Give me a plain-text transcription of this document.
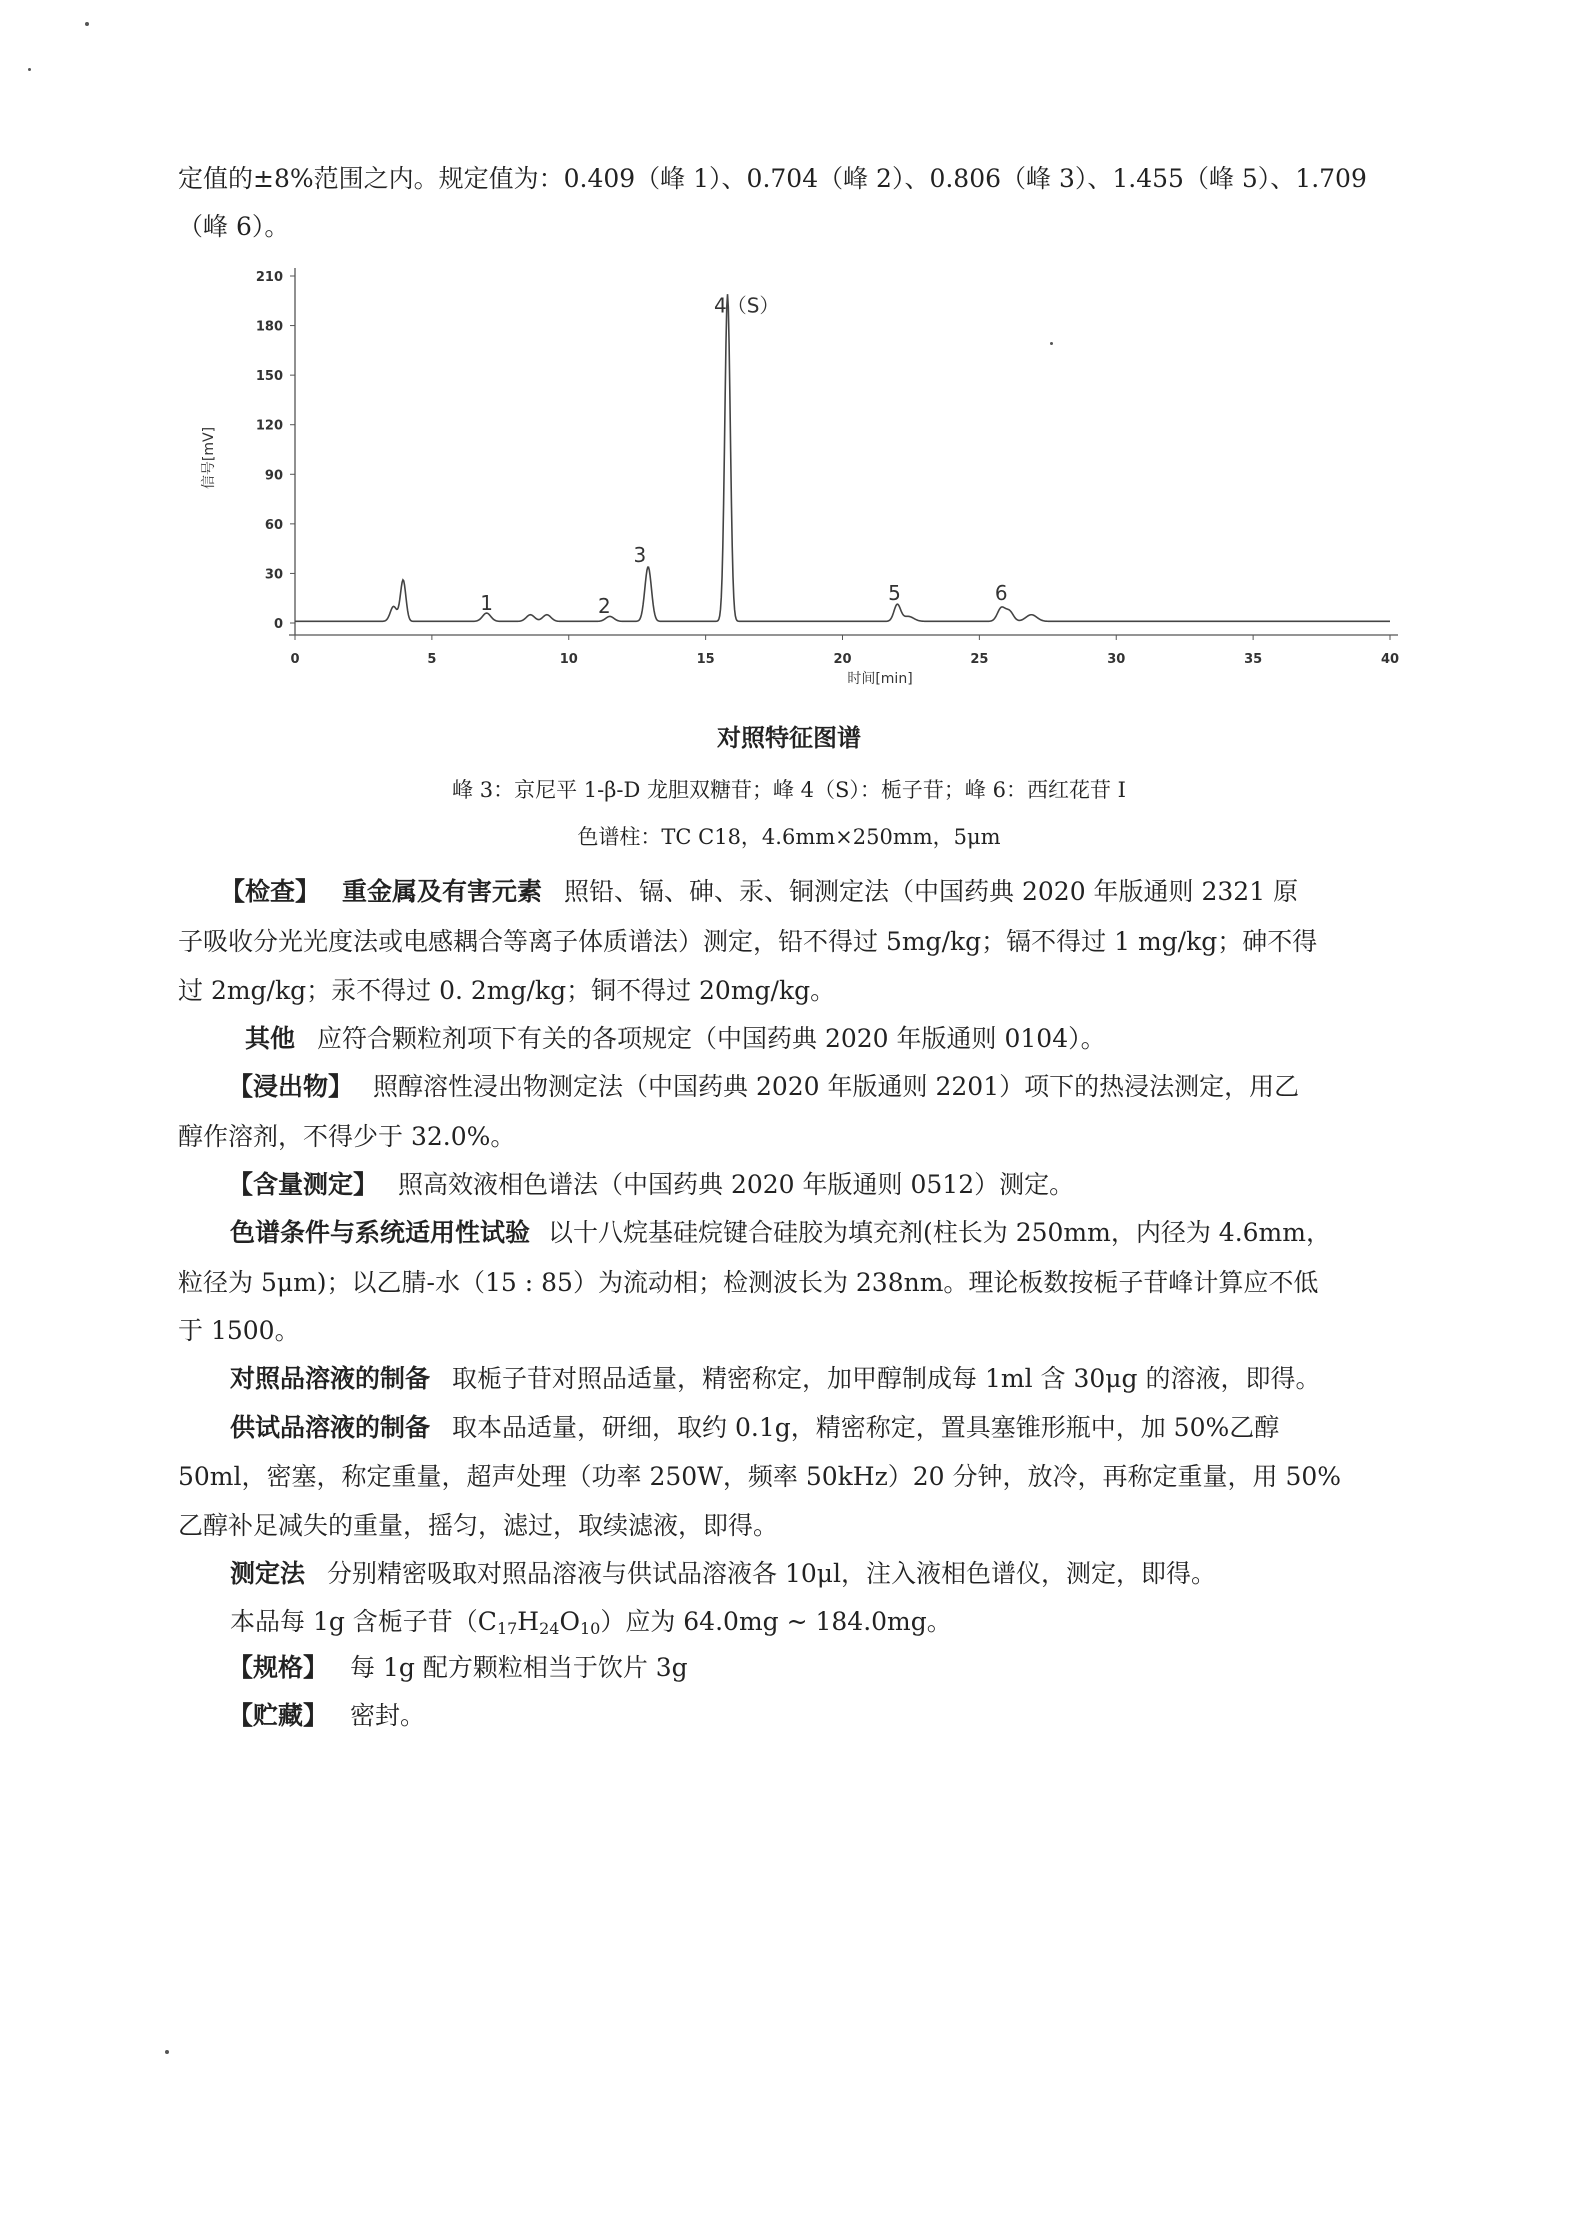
定值的±8%范围之内。规定值为：0.409（峰 1）、0.704（峰 2）、0.806（峰 3）、1.455（峰 5）、1.709
（峰 6）。
0
30
60
90
120
150
180
210
0	5	10	15	20	25	30	35	40
1	2
3
4（S）
5	6
信号[mV]
时间[min]
对照特征图谱
峰 3：京尼平 1-β-D 龙胆双糖苷；峰 4（S）：栀子苷；峰 6：西红花苷 I
色谱柱：TC C18，4.6mm×250mm，5μm
【检查】 重金属及有害元素 照铅、镉、砷、汞、铜测定法（中国药典 2020 年版通则 2321 原
子吸收分光光度法或电感耦合等离子体质谱法）测定，铅不得过 5mg/kg；镉不得过 1 mg/kg；砷不得
过 2mg/kg；汞不得过 0. 2mg/kg；铜不得过 20mg/kg。
其他 应符合颗粒剂项下有关的各项规定（中国药典 2020 年版通则 0104）。
【浸出物】 照醇溶性浸出物测定法（中国药典 2020 年版通则 2201）项下的热浸法测定，用乙
醇作溶剂，不得少于 32.0%。
【含量测定】 照高效液相色谱法（中国药典 2020 年版通则 0512）测定。
色谱条件与系统适用性试验 以十八烷基硅烷键合硅胶为填充剂(柱长为 250mm，内径为 4.6mm，
粒径为 5μm)；以乙腈-水（15 : 85）为流动相；检测波长为 238nm。理论板数按栀子苷峰计算应不低
于 1500。
对照品溶液的制备 取栀子苷对照品适量，精密称定，加甲醇制成每 1ml 含 30μg 的溶液，即得。
供试品溶液的制备 取本品适量，研细，取约 0.1g，精密称定，置具塞锥形瓶中，加 50%乙醇
50ml，密塞，称定重量，超声处理（功率 250W，频率 50kHz）20 分钟，放冷，再称定重量，用 50%
乙醇补足减失的重量，摇匀，滤过，取续滤液，即得。
测定法 分别精密吸取对照品溶液与供试品溶液各 10μl，注入液相色谱仪，测定，即得。
本品每 1g 含栀子苷$(C_{17}H_{24}O_{10})$应为 64.0mg ~ 184.0mg。
【规格】 每 1g 配方颗粒相当于饮片 3g
【贮藏】 密封。
